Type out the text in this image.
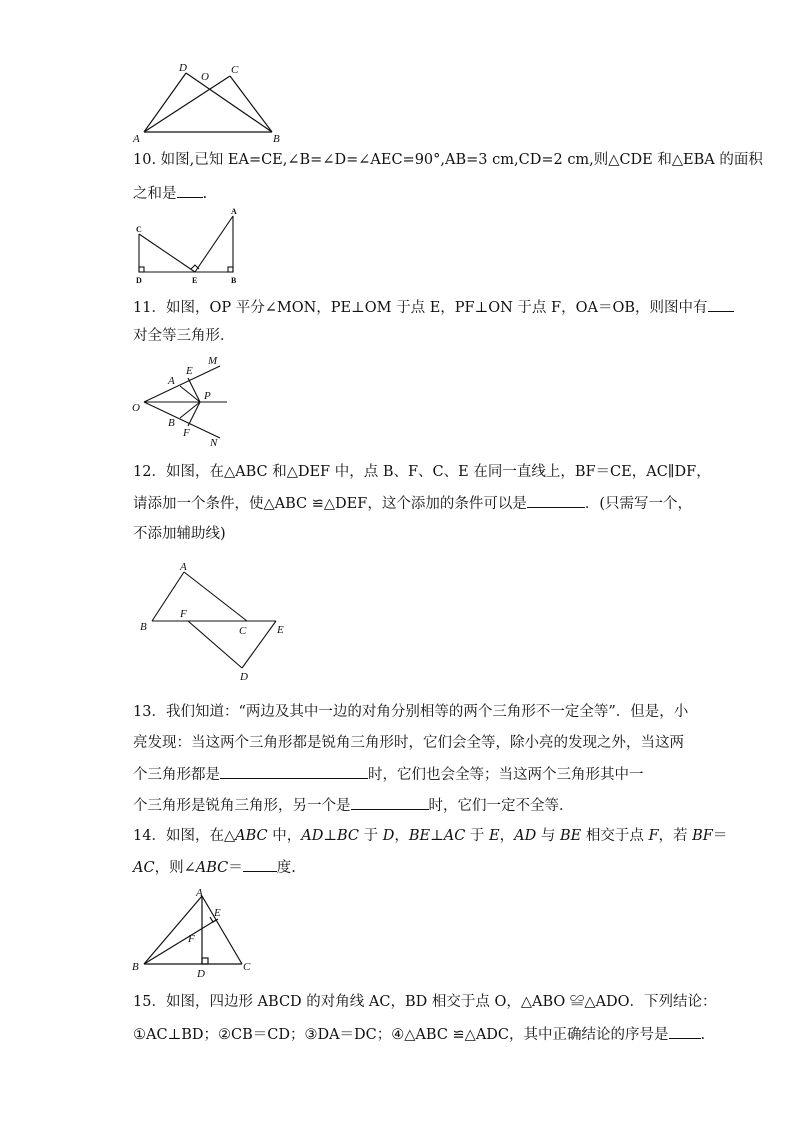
D
O
C
A	B
10. 如图,已知 EA=CE,∠B=∠D=∠AEC=90°,AB=3 cm,CD=2 cm,则△CDE 和△EBA 的面积
之和是 .
A
C
D	E	B
11．如图，OP 平分∠MON，PE⊥OM 于点 E，PF⊥ON 于点 F，OA＝OB，则图中有
对全等三角形．
M
E
A
O
P
B
F
N
12．如图，在△ABC 和△DEF 中，点 B、F、C、E 在同一直线上，BF＝CE，AC∥DF，
请添加一个条件，使△ABC ≌△DEF，这个添加的条件可以是	．(只需写一个，
不添加辅助线)
A
B
F
C	E
D
13．我们知道：“两边及其中一边的对角分别相等的两个三角形不一定全等”．但是，小
亮发现：当这两个三角形都是锐角三角形时，它们会全等，除小亮的发现之外，当这两
个三角形都是	时，它们也会全等；当这两个三角形其中一
个三角形是锐角三角形，另一个是	时，它们一定不全等．
14．如图，在△ABC 中，AD⊥BC 于 D，BE⊥AC 于 E，AD 与 BE 相交于点 F，若 BF＝
AC，则∠ABC＝ 度.
A
E
F
B
D
C
15．如图，四边形 ABCD 的对角线 AC，BD 相交于点 O，△ABO ≌△ADO．下列结论：
①AC⊥BD；②CB＝CD；③DA＝DC；④△ABC ≌△ADC，其中正确结论的序号是 .
